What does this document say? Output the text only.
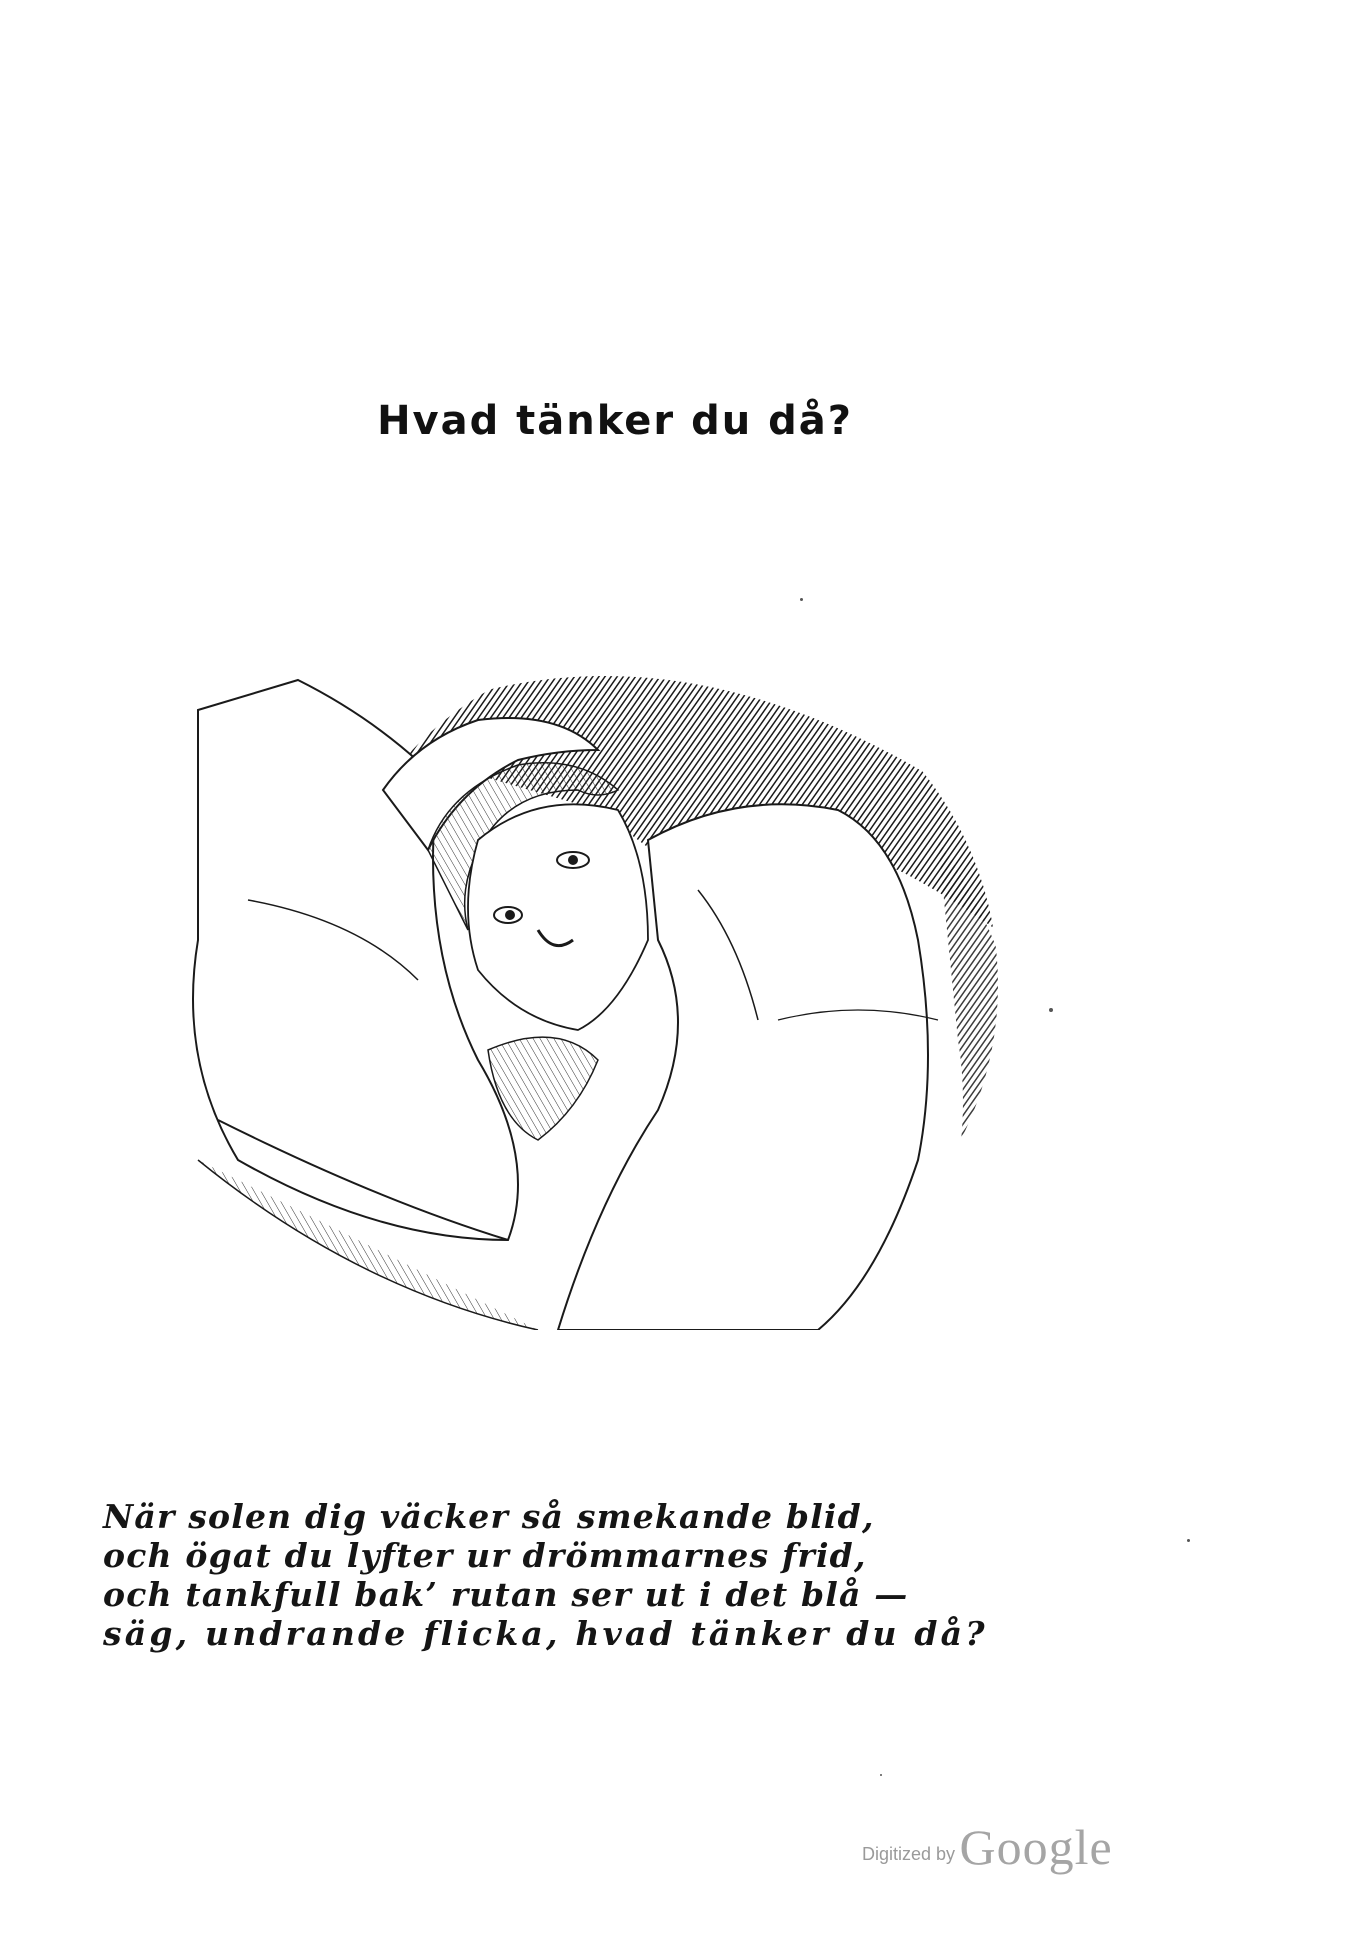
Hvad tänker du då?
När solen dig väcker så smekande blid,
och ögat du lyfter ur drömmarnes frid,
och tankfull bak’ rutan ser ut i det blå —
säg, undrande flicka, hvad tänker du då?
Digitized by Google
